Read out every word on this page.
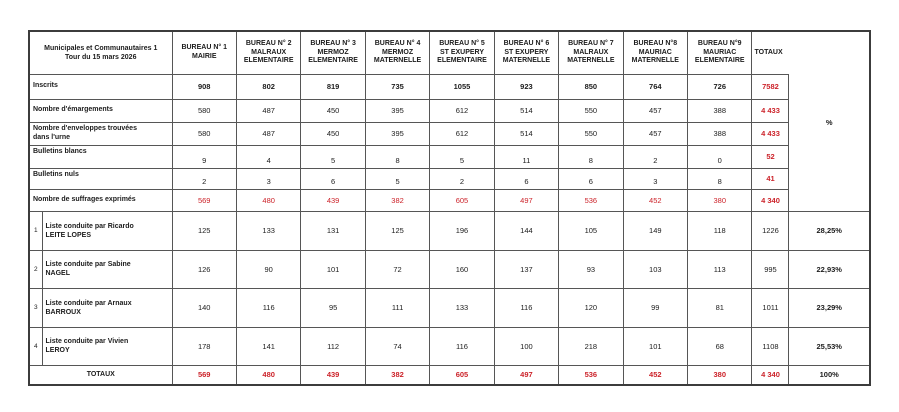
Municipales et Communautaires 1
Tour du 15 mars 2026		BUREAU N° 1
MAIRIE	BUREAU N° 2
MALRAUX
ELEMENTAIRE	BUREAU N° 3
MERMOZ
ELEMENTAIRE	BUREAU N° 4
MERMOZ
MATERNELLE	BUREAU N° 5
ST EXUPERY
ELEMENTAIRE	BUREAU N° 6
ST EXUPERY
MATERNELLE	BUREAU N° 7
MALRAUX
MATERNELLE	BUREAU N°8
MAURIAC
MATERNELLE	BUREAU N°9
MAURIAC
ELEMENTAIRE	TOTAUX	
Inscrits		908	802	819	735	1055	923	850	764	726	7582	%
Nombre d'émargements		580	487	450	395	612	514	550	457	388	4 433	
Nombre d'enveloppes trouvées
dans l'urne		580	487	450	395	612	514	550	457	388	4 433	
Bulletins blancs		9	4	5	8	5	11	8	2	0	52	
Bulletins nuls		2	3	6	5	2	6	6	3	8	41	
Nombre de suffrages exprimés		569	480	439	382	605	497	536	452	380	4 340	
1	Liste conduite par Ricardo
LEITE LOPES	125	133	131	125	196	144	105	149	118	1226	28,25%
2	Liste conduite par Sabine
NAGEL	126	90	101	72	160	137	93	103	113	995	22,93%
3	Liste conduite par Arnaux
BARROUX	140	116	95	111	133	116	120	99	81	1011	23,29%
4	Liste conduite par Vivien
LEROY	178	141	112	74	116	100	218	101	68	1108	25,53%
TOTAUX		569	480	439	382	605	497	536	452	380	4 340	100%
